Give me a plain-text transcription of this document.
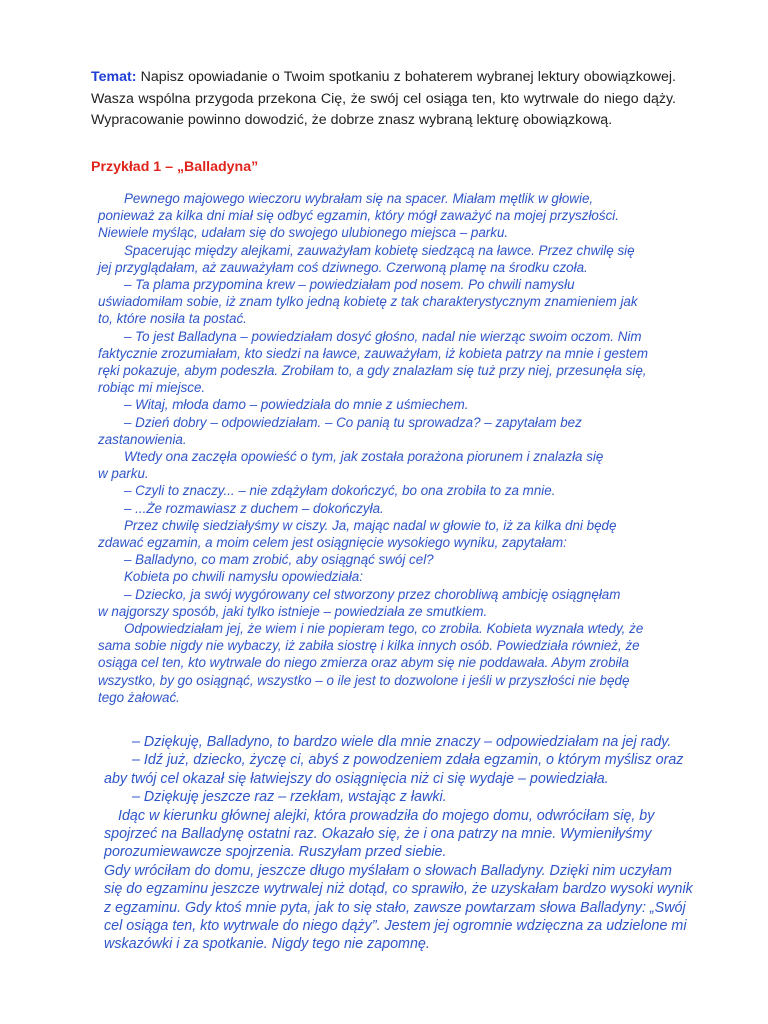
Temat: Napisz opowiadanie o Twoim spotkaniu z bohaterem wybranej lektury obowiązkowej. Wasza wspólna przygoda przekona Cię, że swój cel osiąga ten, kto wytrwale do niego dąży. Wypracowanie powinno dowodzić, że dobrze znasz wybraną lekturę obowiązkową.
Przykład 1 – „Balladyna”

Pewnego majowego wieczoru wybrałam się na spacer. Miałam mętlik w głowie,

ponieważ za kilka dni miał się odbyć egzamin, który mógł zaważyć na mojej przyszłości.

Niewiele myśląc, udałam się do swojego ulubionego miejsca – parku.

Spacerując między alejkami, zauważyłam kobietę siedzącą na ławce. Przez chwilę się

jej przyglądałam, aż zauważyłam coś dziwnego. Czerwoną plamę na środku czoła.

– Ta plama przypomina krew – powiedziałam pod nosem. Po chwili namysłu

uświadomiłam sobie, iż znam tylko jedną kobietę z tak charakterystycznym znamieniem jak

to, które nosiła ta postać.

– To jest Balladyna – powiedziałam dosyć głośno, nadal nie wierząc swoim oczom. Nim

faktycznie zrozumiałam, kto siedzi na ławce, zauważyłam, iż kobieta patrzy na mnie i gestem

ręki pokazuje, abym podeszła. Zrobiłam to, a gdy znalazłam się tuż przy niej, przesunęła się,

robiąc mi miejsce.

– Witaj, młoda damo – powiedziała do mnie z uśmiechem.

– Dzień dobry – odpowiedziałam. – Co panią tu sprowadza? – zapytałam bez

zastanowienia.

Wtedy ona zaczęła opowieść o tym, jak została porażona piorunem i znalazła się

w parku.

– Czyli to znaczy... – nie zdążyłam dokończyć, bo ona zrobiła to za mnie.

– ...Że rozmawiasz z duchem – dokończyła.

Przez chwilę siedziałyśmy w ciszy. Ja, mając nadal w głowie to, iż za kilka dni będę

zdawać egzamin, a moim celem jest osiągnięcie wysokiego wyniku, zapytałam:

– Balladyno, co mam zrobić, aby osiągnąć swój cel?

Kobieta po chwili namysłu opowiedziała:

– Dziecko, ja swój wygórowany cel stworzony przez chorobliwą ambicję osiągnęłam

w najgorszy sposób, jaki tylko istnieje – powiedziała ze smutkiem.

Odpowiedziałam jej, że wiem i nie popieram tego, co zrobiła. Kobieta wyznała wtedy, że

sama sobie nigdy nie wybaczy, iż zabiła siostrę i kilka innych osób. Powiedziała również, że

osiąga cel ten, kto wytrwale do niego zmierza oraz abym się nie poddawała. Abym zrobiła

wszystko, by go osiągnąć, wszystko – o ile jest to dozwolone i jeśli w przyszłości nie będę

tego żałować.

– Dziękuję, Balladyno, to bardzo wiele dla mnie znaczy – odpowiedziałam na jej rady.

– Idź już, dziecko, życzę ci, abyś z powodzeniem zdała egzamin, o którym myślisz oraz

aby twój cel okazał się łatwiejszy do osiągnięcia niż ci się wydaje – powiedziała.

– Dziękuję jeszcze raz – rzekłam, wstając z ławki.

Idąc w kierunku głównej alejki, która prowadziła do mojego domu, odwróciłam się, by

spojrzeć na Balladynę ostatni raz. Okazało się, że i ona patrzy na mnie. Wymieniłyśmy

porozumiewawcze spojrzenia. Ruszyłam przed siebie.

Gdy wróciłam do domu, jeszcze długo myślałam o słowach Balladyny. Dzięki nim uczyłam

się do egzaminu jeszcze wytrwalej niż dotąd, co sprawiło, że uzyskałam bardzo wysoki wynik

z egzaminu. Gdy ktoś mnie pyta, jak to się stało, zawsze powtarzam słowa Balladyny: „Swój

cel osiąga ten, kto wytrwale do niego dąży”. Jestem jej ogromnie wdzięczna za udzielone mi

wskazówki i za spotkanie. Nigdy tego nie zapomnę.
